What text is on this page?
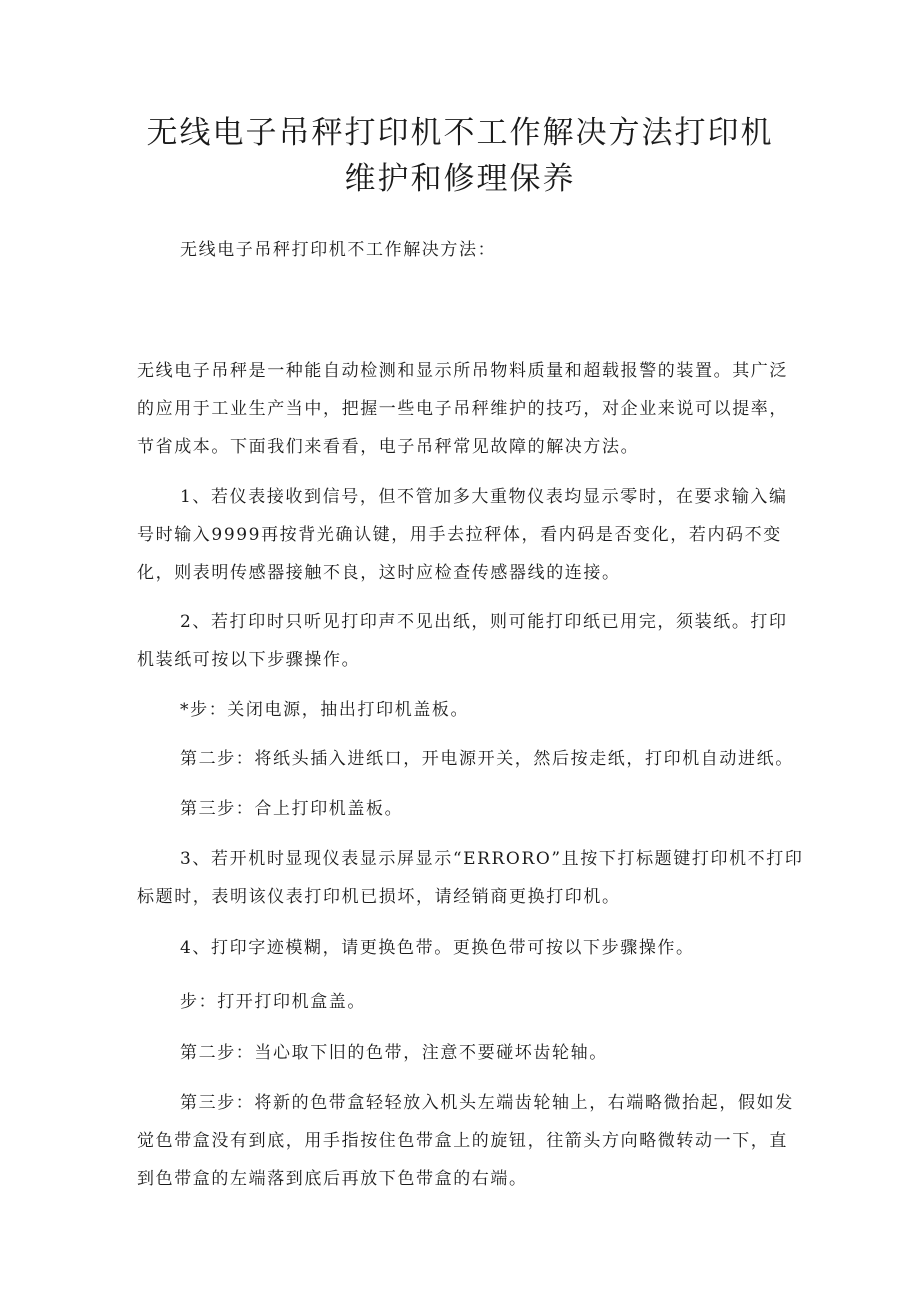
无线电子吊秤打印机不工作解决方法打印机
维护和修理保养

无线电子吊秤打印机不工作解决方法：

无线电子吊秤是一种能自动检测和显示所吊物料质量和超载报警的装置。其广泛
的应用于工业生产当中，把握一些电子吊秤维护的技巧，对企业来说可以提率，
节省成本。下面我们来看看，电子吊秤常见故障的解决方法。

1、若仪表接收到信号，但不管加多大重物仪表均显示零时，在要求输入编
号时输入9999再按背光确认键，用手去拉秤体，看内码是否变化，若内码不变
化，则表明传感器接触不良，这时应检查传感器线的连接。

2、若打印时只听见打印声不见出纸，则可能打印纸已用完，须装纸。打印
机装纸可按以下步骤操作。

*步：关闭电源，抽出打印机盖板。

第二步：将纸头插入进纸口，开电源开关，然后按走纸，打印机自动进纸。

第三步：合上打印机盖板。

3、若开机时显现仪表显示屏显示“ERRORO”且按下打标题键打印机不打印
标题时，表明该仪表打印机已损坏，请经销商更换打印机。

4、打印字迹模糊，请更换色带。更换色带可按以下步骤操作。

步：打开打印机盒盖。

第二步：当心取下旧的色带，注意不要碰坏齿轮轴。

第三步：将新的色带盒轻轻放入机头左端齿轮轴上，右端略微抬起，假如发
觉色带盒没有到底，用手指按住色带盒上的旋钮，往箭头方向略微转动一下，直
到色带盒的左端落到底后再放下色带盒的右端。
